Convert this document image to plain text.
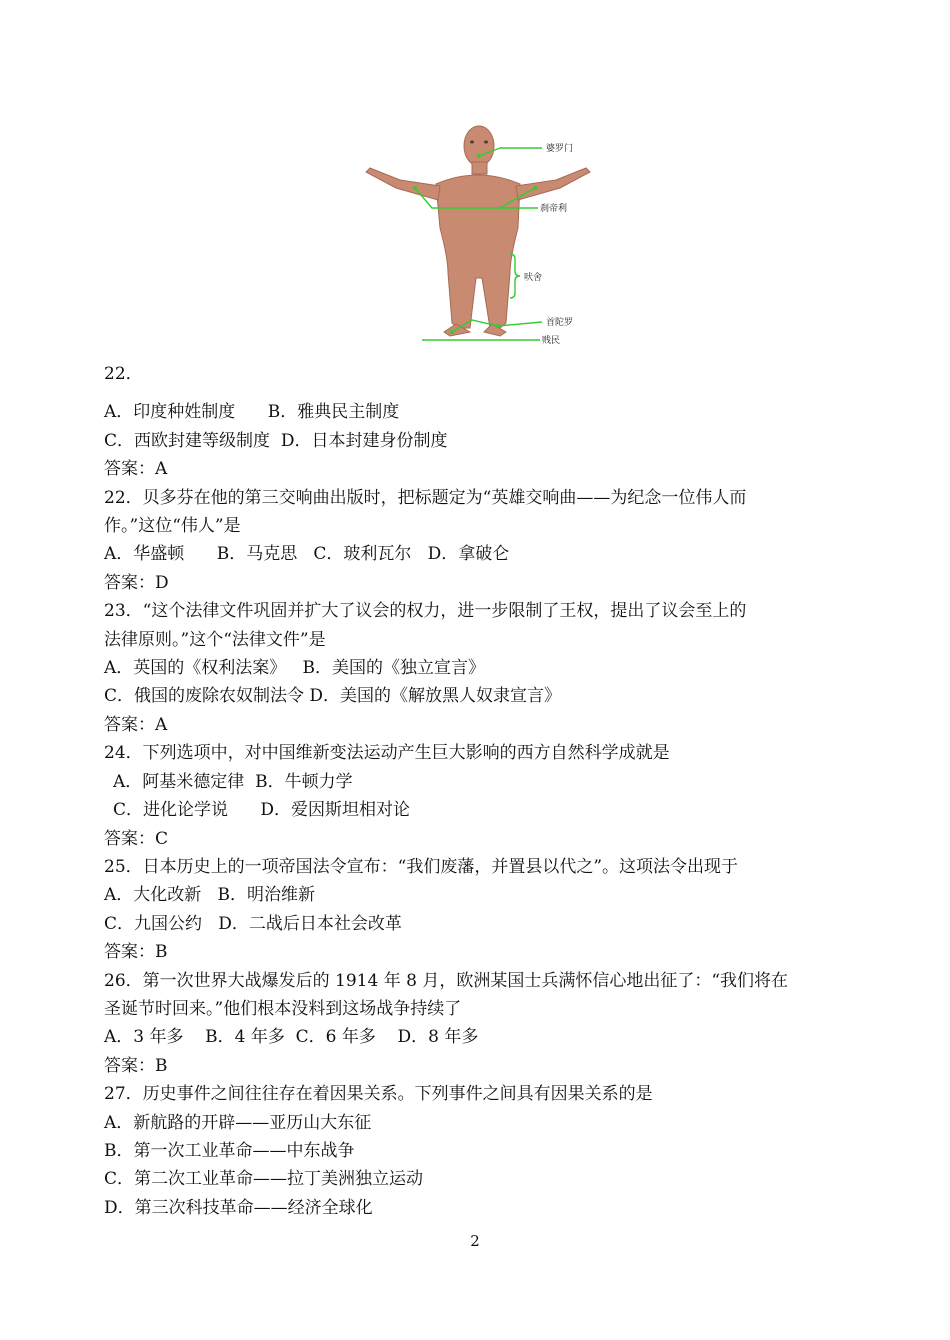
婆罗门
刹帝利
吠舍
首陀罗
贱民
22．
A．印度种姓制度      B．雅典民主制度
C．西欧封建等级制度  D．日本封建身份制度
答案：A
22．贝多芬在他的第三交响曲出版时，把标题定为“英雄交响曲——为纪念一位伟人而
作。”这位“伟人”是
A．华盛顿      B．马克思   C．玻利瓦尔   D．拿破仑
答案：D
23．“这个法律文件巩固并扩大了议会的权力，进一步限制了王权，提出了议会至上的
法律原则。”这个“法律文件”是
A．英国的《权利法案》   B．美国的《独立宣言》
C．俄国的废除农奴制法令 D．美国的《解放黑人奴隶宣言》
答案：A
24．下列选项中，对中国维新变法运动产生巨大影响的西方自然科学成就是
A．阿基米德定律  B．牛顿力学
C．进化论学说      D．爱因斯坦相对论
答案：C
25．日本历史上的一项帝国法令宣布：“我们废藩，并置县以代之”。这项法令出现于
A．大化改新   B．明治维新
C．九国公约   D．二战后日本社会改革
答案：B
26．第一次世界大战爆发后的 1914 年 8 月，欧洲某国士兵满怀信心地出征了：“我们将在
圣诞节时回来。”他们根本没料到这场战争持续了
A．3 年多    B．4 年多  C．6 年多    D．8 年多
答案：B
27．历史事件之间往往存在着因果关系。下列事件之间具有因果关系的是
A．新航路的开辟——亚历山大东征
B．第一次工业革命——中东战争
C．第二次工业革命——拉丁美洲独立运动
D．第三次科技革命——经济全球化
2
